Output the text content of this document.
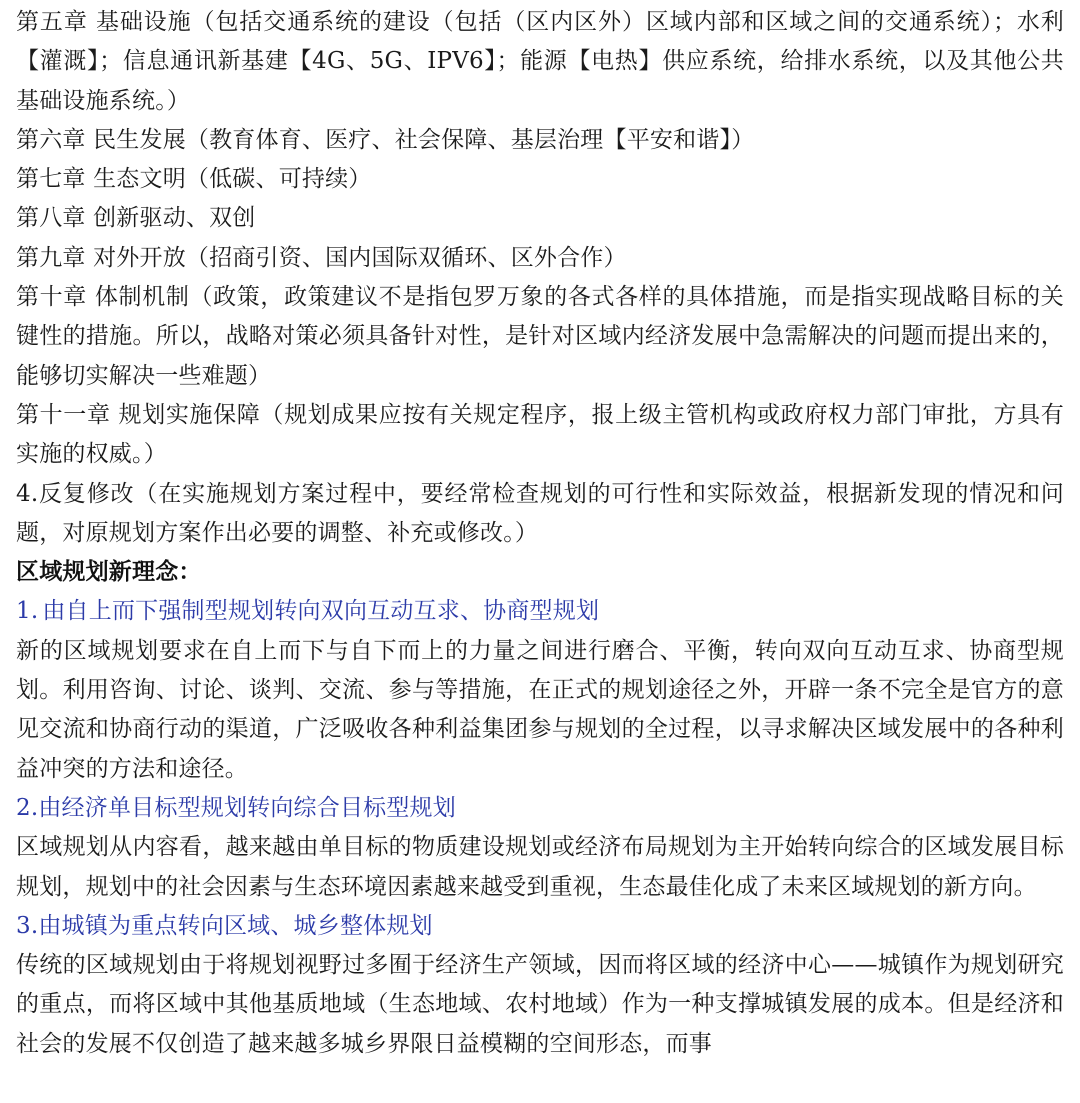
第五章 基础设施（包括交通系统的建设（包括（区内区外）区域内部和区域之间的交通系统）；水利【灌溉】；信息通讯新基建【4G、5G、IPV6】；能源【电热】供应系统，给排水系统，以及其他公共基础设施系统。）

第六章 民生发展（教育体育、医疗、社会保障、基层治理【平安和谐】）

第七章 生态文明（低碳、可持续）

第八章 创新驱动、双创

第九章 对外开放（招商引资、国内国际双循环、区外合作）

第十章 体制机制（政策，政策建议不是指包罗万象的各式各样的具体措施，而是指实现战略目标的关键性的措施。所以，战略对策必须具备针对性，是针对区域内经济发展中急需解决的问题而提出来的，能够切实解决一些难题）

第十一章 规划实施保障（规划成果应按有关规定程序，报上级主管机构或政府权力部门审批，方具有实施的权威。）

4.反复修改（在实施规划方案过程中，要经常检查规划的可行性和实际效益，根据新发现的情况和问题，对原规划方案作出必要的调整、补充或修改。）

区域规划新理念：

1. 由自上而下强制型规划转向双向互动互求、协商型规划

新的区域规划要求在自上而下与自下而上的力量之间进行磨合、平衡，转向双向互动互求、协商型规划。利用咨询、讨论、谈判、交流、参与等措施，在正式的规划途径之外，开辟一条不完全是官方的意见交流和协商行动的渠道，广泛吸收各种利益集团参与规划的全过程，以寻求解决区域发展中的各种利益冲突的方法和途径。

2.由经济单目标型规划转向综合目标型规划

区域规划从内容看，越来越由单目标的物质建设规划或经济布局规划为主开始转向综合的区域发展目标规划，规划中的社会因素与生态环境因素越来越受到重视，生态最佳化成了未来区域规划的新方向。

3.由城镇为重点转向区域、城乡整体规划

传统的区域规划由于将规划视野过多囿于经济生产领域，因而将区域的经济中心——城镇作为规划研究的重点，而将区域中其他基质地域（生态地域、农村地域）作为一种支撑城镇发展的成本。但是经济和社会的发展不仅创造了越来越多城乡界限日益模糊的空间形态，而事
